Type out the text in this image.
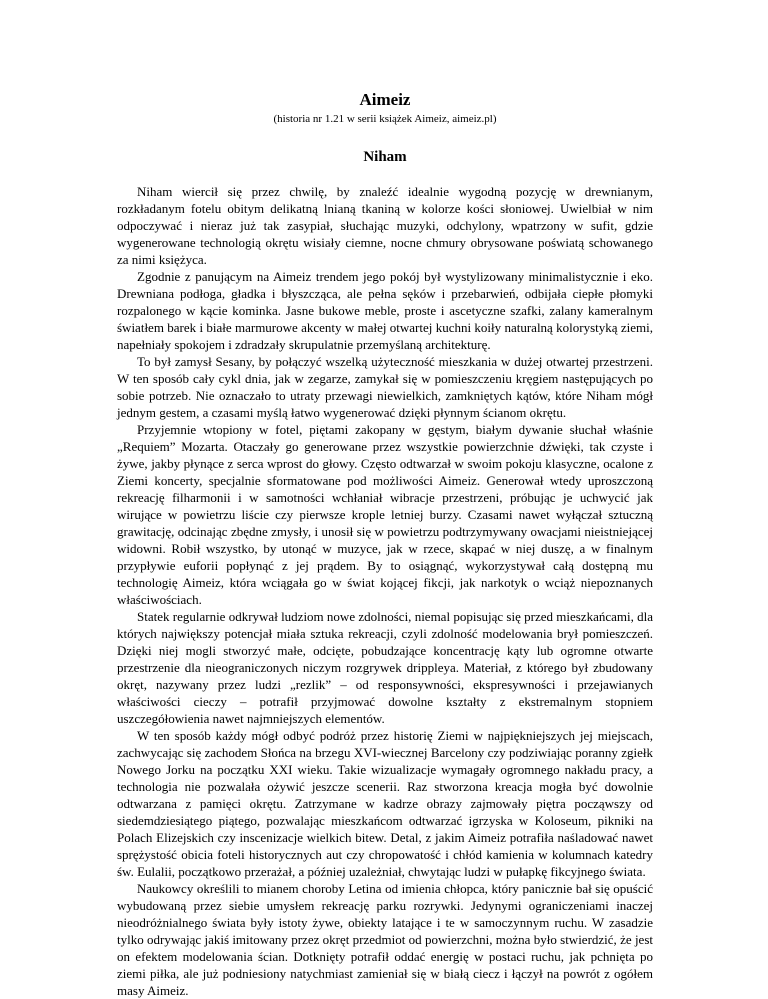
Aimeiz
(historia nr 1.21 w serii książek Aimeiz, aimeiz.pl)
Niham

Niham wiercił się przez chwilę, by znaleźć idealnie wygodną pozycję w drewnianym, rozkładanym fotelu obitym delikatną lnianą tkaniną w kolorze kości słoniowej. Uwielbiał w nim odpoczywać i nieraz już tak zasypiał, słuchając muzyki, odchylony, wpatrzony w sufit, gdzie wygenerowane technologią okrętu wisiały ciemne, nocne chmury obrysowane poświatą schowanego za nimi księżyca.

Zgodnie z panującym na Aimeiz trendem jego pokój był wystylizowany minimalistycznie i eko. Drewniana podłoga, gładka i błyszcząca, ale pełna sęków i przebarwień, odbijała ciepłe płomyki rozpalonego w kącie kominka. Jasne bukowe meble, proste i ascetyczne szafki, zalany kameralnym światłem barek i białe marmurowe akcenty w małej otwartej kuchni koiły naturalną kolorystyką ziemi, napełniały spokojem i zdradzały skrupulatnie przemyślaną architekturę.

To był zamysł Sesany, by połączyć wszelką użyteczność mieszkania w dużej otwartej przestrzeni. W ten sposób cały cykl dnia, jak w zegarze, zamykał się w pomieszczeniu kręgiem następujących po sobie potrzeb. Nie oznaczało to utraty przewagi niewielkich, zamkniętych kątów, które Niham mógł jednym gestem, a czasami myślą łatwo wygenerować dzięki płynnym ścianom okrętu.

Przyjemnie wtopiony w fotel, piętami zakopany w gęstym, białym dywanie słuchał właśnie „Requiem” Mozarta. Otaczały go generowane przez wszystkie powierzchnie dźwięki, tak czyste i żywe, jakby płynące z serca wprost do głowy. Często odtwarzał w swoim pokoju klasyczne, ocalone z Ziemi koncerty, specjalnie sformatowane pod możliwości Aimeiz. Generował wtedy uproszczoną rekreację filharmonii i w samotności wchłaniał wibracje przestrzeni, próbując je uchwycić jak wirujące w powietrzu liście czy pierwsze krople letniej burzy. Czasami nawet wyłączał sztuczną grawitację, odcinając zbędne zmysły, i unosił się w powietrzu podtrzymywany owacjami nieistniejącej widowni. Robił wszystko, by utonąć w muzyce, jak w rzece, skąpać w niej duszę, a w finalnym przypływie euforii popłynąć z jej prądem. By to osiągnąć, wykorzystywał całą dostępną mu technologię Aimeiz, która wciągała go w świat kojącej fikcji, jak narkotyk o wciąż niepoznanych właściwościach.

Statek regularnie odkrywał ludziom nowe zdolności, niemal popisując się przed mieszkańcami, dla których największy potencjał miała sztuka rekreacji, czyli zdolność modelowania brył pomieszczeń. Dzięki niej mogli stworzyć małe, odcięte, pobudzające koncentrację kąty lub ogromne otwarte przestrzenie dla nieograniczonych niczym rozgrywek drippleya. Materiał, z którego był zbudowany okręt, nazywany przez ludzi „rezlik” – od responsywności, ekspresywności i przejawianych właściwości cieczy – potrafił przyjmować dowolne kształty z ekstremalnym stopniem uszczegółowienia nawet najmniejszych elementów.

W ten sposób każdy mógł odbyć podróż przez historię Ziemi w najpiękniejszych jej miejscach, zachwycając się zachodem Słońca na brzegu XVI-wiecznej Barcelony czy podziwiając poranny zgiełk Nowego Jorku na początku XXI wieku. Takie wizualizacje wymagały ogromnego nakładu pracy, a technologia nie pozwalała ożywić jeszcze scenerii. Raz stworzona kreacja mogła być dowolnie odtwarzana z pamięci okrętu. Zatrzymane w kadrze obrazy zajmowały piętra począwszy od siedemdziesiątego piątego, pozwalając mieszkańcom odtwarzać igrzyska w Koloseum, pikniki na Polach Elizejskich czy inscenizacje wielkich bitew. Detal, z jakim Aimeiz potrafiła naśladować nawet sprężystość obicia foteli historycznych aut czy chropowatość i chłód kamienia w kolumnach katedry św. Eulalii, początkowo przerażał, a później uzależniał, chwytając ludzi w pułapkę fikcyjnego świata.

Naukowcy określili to mianem choroby Letina od imienia chłopca, który panicznie bał się opuścić wybudowaną przez siebie umysłem rekreację parku rozrywki. Jedynymi ograniczeniami inaczej nieodróżnialnego świata były istoty żywe, obiekty latające i te w samoczynnym ruchu. W zasadzie tylko odrywając jakiś imitowany przez okręt przedmiot od powierzchni, można było stwierdzić, że jest on efektem modelowania ścian. Dotknięty potrafił oddać energię w postaci ruchu, jak pchnięta po ziemi piłka, ale już podniesiony natychmiast zamieniał się w białą ciecz i łączył na powrót z ogółem masy Aimeiz.
